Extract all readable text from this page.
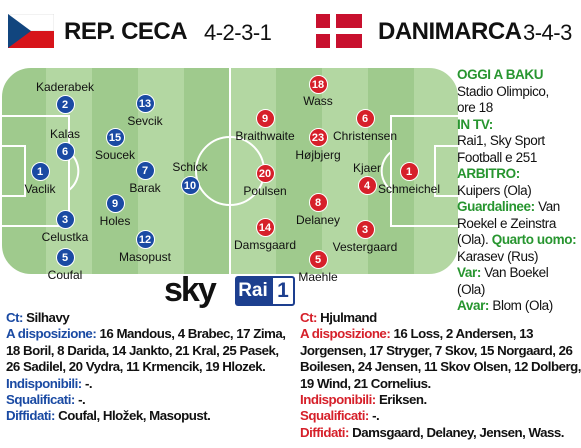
REP. CECA 4-2-3-1	DANIMARCA 3-4-3
1
Vaclik
2
Kaderabek
6
Kalas
3
Celustka
5
Coufal
15
Soucek
9
Holes
13
Sevcik
7
Barak
12
Masopust
10
Schick	1
Schmeichel
6
Christensen
4
Kjaer
3
Vestergaard
18
Wass
23
Højbjerg
8
Delaney
5
Maehle
9
Braithwaite
20
Poulsen
14
Damsgaard
OGGI A BAKU
Stadio Olimpico,
ore 18
IN TV:
Rai1, Sky Sport
Football e 251
ARBITRO:
Kuipers (Ola)
Guardalinee: Van
Roekel e Zeinstra
(Ola). Quarto uomo:
Karasev (Rus)
Var: Van Boekel
(Ola)
Avar: Blom (Ola)
sky	Rai 1
Ct: Silhavy
A disposizione: 16 Mandous, 4 Brabec, 17 Zima,
18 Boril, 8 Darida, 14 Jankto, 21 Kral, 25 Pasek,
26 Sadilel, 20 Vydra, 11 Krmencik, 19 Hlozek.
Indisponibili: -.
Squalificati: -.
Diffidati: Coufal, Hložek, Masopust.
Ct: Hjulmand
A disposizione: 16 Loss, 2 Andersen, 13
Jorgensen, 17 Stryger, 7 Skov, 15 Norgaard, 26
Boilesen, 24 Jensen, 11 Skov Olsen, 12 Dolberg,
19 Wind, 21 Cornelius.
Indisponibili: Eriksen.
Squalificati: -.
Diffidati: Damsgaard, Delaney, Jensen, Wass.
